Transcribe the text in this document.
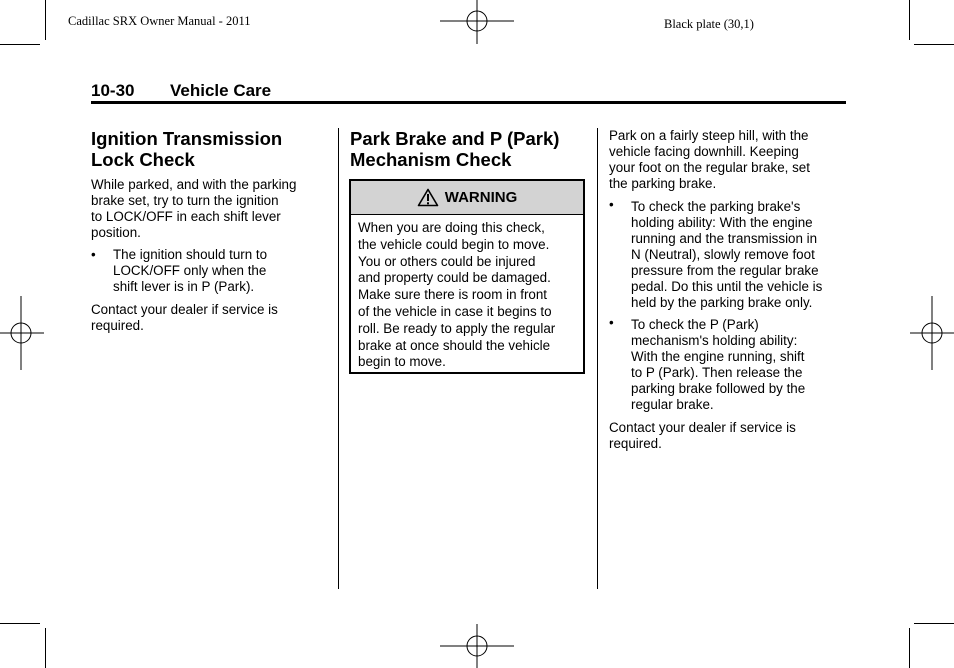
Cadillac SRX Owner Manual - 2011	Black plate (30,1)
10-30 Vehicle Care
Ignition Transmission
Lock Check

While parked, and with the parking

brake set, try to turn the ignition

to LOCK/OFF in each shift lever

position.

• The ignition should turn to
LOCK/OFF only when the
shift lever is in P (Park).

Contact your dealer if service is

required.

Park Brake and P (Park)
Mechanism Check
WARNING
When you are doing this check,
the vehicle could begin to move.
You or others could be injured
and property could be damaged.
Make sure there is room in front
of the vehicle in case it begins to
roll. Be ready to apply the regular
brake at once should the vehicle
begin to move.

Park on a fairly steep hill, with the

vehicle facing downhill. Keeping

your foot on the regular brake, set

the parking brake.

• To check the parking brake's
holding ability: With the engine
running and the transmission in
N (Neutral), slowly remove foot
pressure from the regular brake
pedal. Do this until the vehicle is
held by the parking brake only.
• To check the P (Park)
mechanism's holding ability:
With the engine running, shift
to P (Park). Then release the
parking brake followed by the
regular brake.

Contact your dealer if service is

required.
